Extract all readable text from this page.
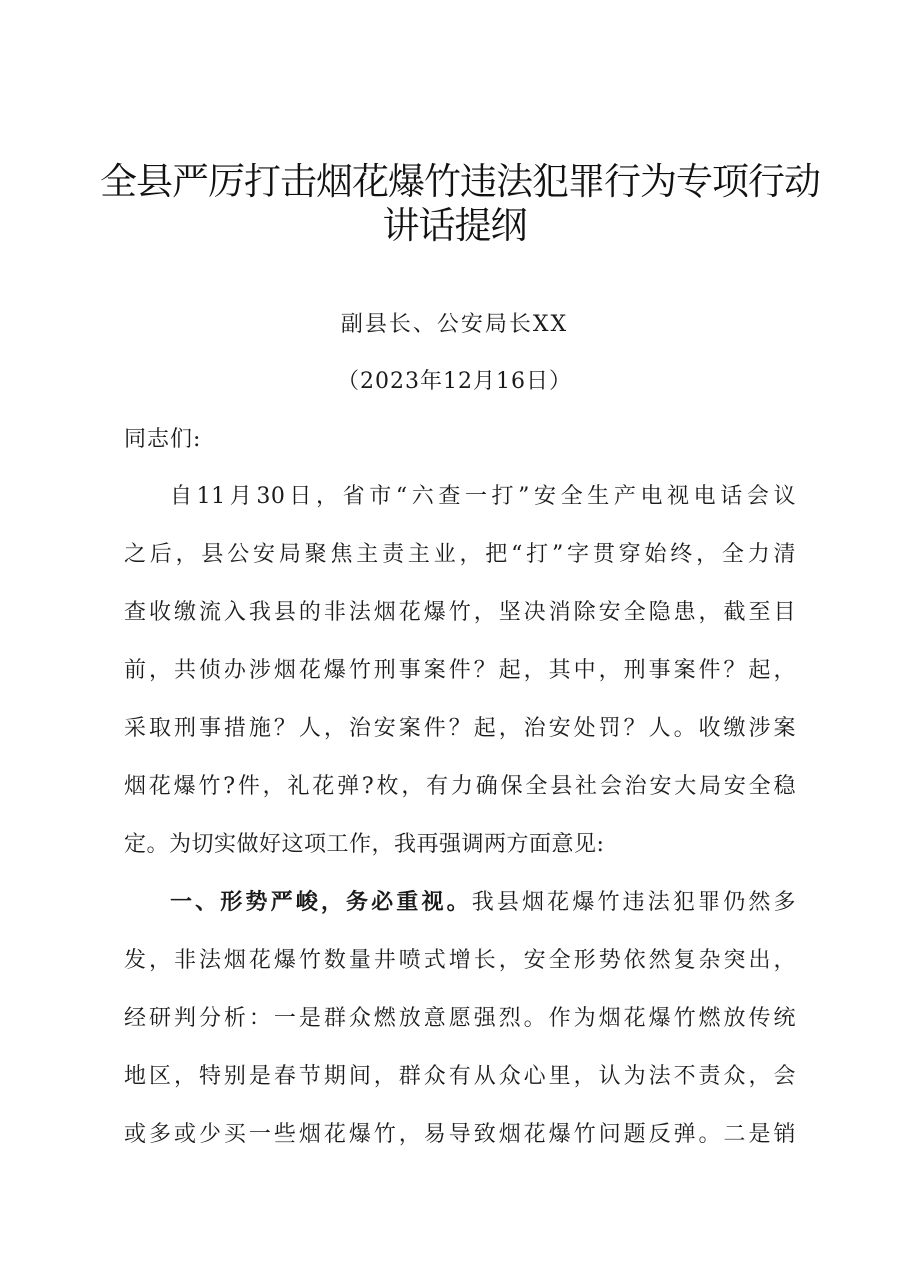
全县严厉打击烟花爆竹违法犯罪行为专项行动
讲话提纲
副县长、公安局长XX
（2023年12月16日）
同志们:
自11月30日，省市“六查一打”安全生产电视电话会议
之后，县公安局聚焦主责主业，把“打”字贯穿始终，全力清
查收缴流入我县的非法烟花爆竹，坚决消除安全隐患，截至目
前，共侦办涉烟花爆竹刑事案件？起，其中，刑事案件？起，
采取刑事措施？人，治安案件？起，治安处罚？人。收缴涉案
烟花爆竹?件，礼花弹?枚，有力确保全县社会治安大局安全稳
定。为切实做好这项工作，我再强调两方面意见:
一、形势严峻，务必重视。我县烟花爆竹违法犯罪仍然多
发，非法烟花爆竹数量井喷式增长，安全形势依然复杂突出，
经研判分析：一是群众燃放意愿强烈。作为烟花爆竹燃放传统
地区，特别是春节期间，群众有从众心里，认为法不责众，会
或多或少买一些烟花爆竹，易导致烟花爆竹问题反弹。二是销
